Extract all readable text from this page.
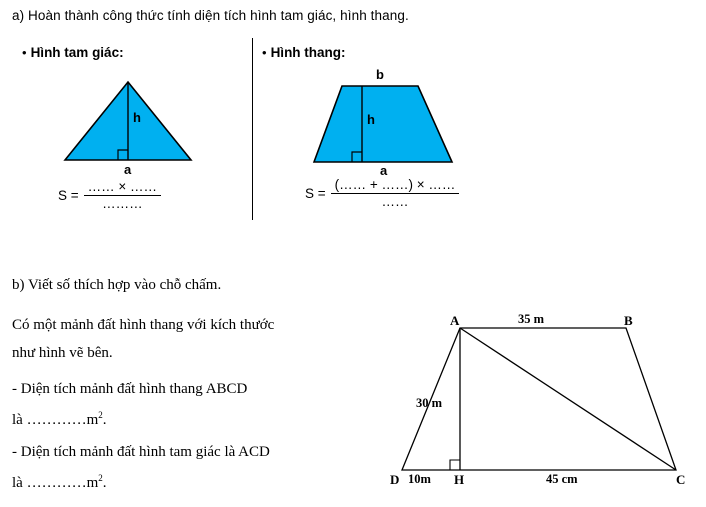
a) Hoàn thành công thức tính diện tích hình tam giác, hình thang.
• Hình tam giác:	• Hình thang:
h
a
b
h
a
$S = \frac{\dots\dots \times \dots\dots}{\dots\dots\dots}$	$S = \frac{(\dots\dots + \dots\dots) \times \dots\dots}{\dots\dots}$
b) Viết số thích hợp vào chỗ chấm.
Có một mảnh đất hình thang với kích thước
như hình vẽ bên.
- Diện tích mảnh đất hình thang ABCD
là $\dots\dots\dots\dots m^2$.
- Diện tích mảnh đất hình tam giác là ACD
là $\dots\dots\dots\dots m^2$.
A	B
C
D	H
35 m
30 m
10m	45 cm
